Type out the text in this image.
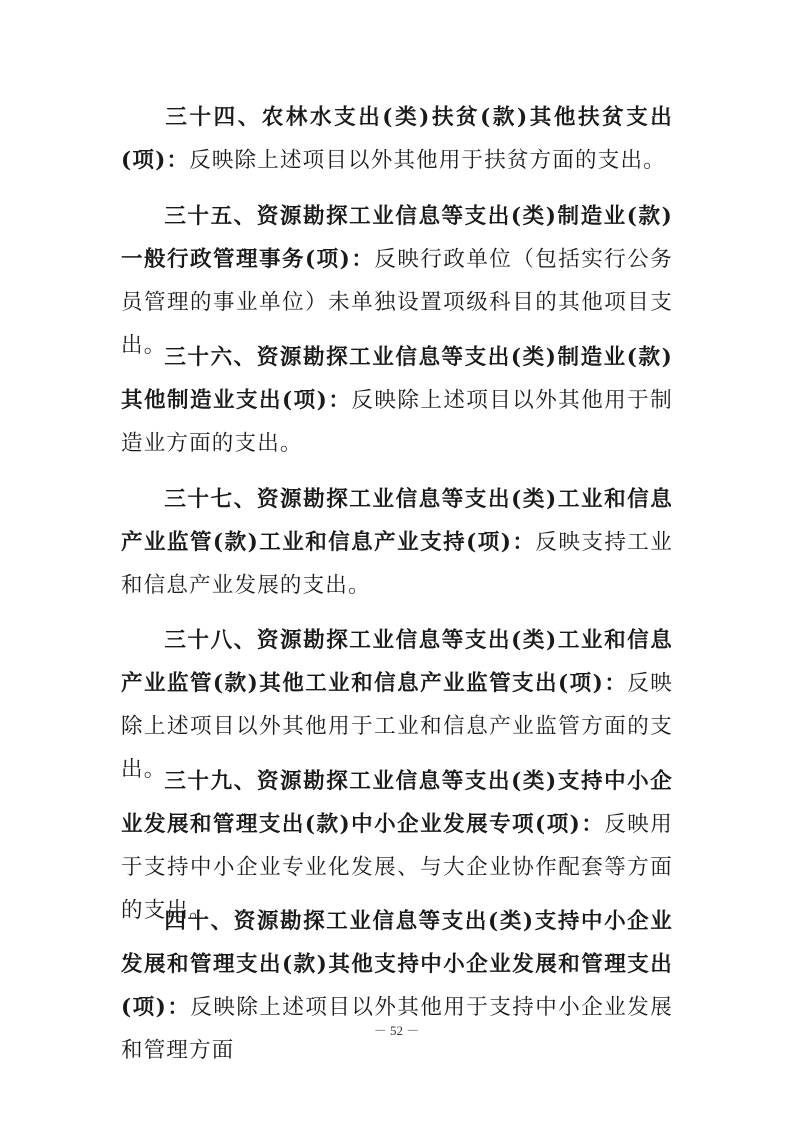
三十四、农林水支出(类)扶贫(款)其他扶贫支出(项)：反映除上述项目以外其他用于扶贫方面的支出。

三十五、资源勘探工业信息等支出(类)制造业(款)一般行政管理事务(项)：反映行政单位（包括实行公务员管理的事业单位）未单独设置项级科目的其他项目支出。

三十六、资源勘探工业信息等支出(类)制造业(款)其他制造业支出(项)：反映除上述项目以外其他用于制造业方面的支出。

三十七、资源勘探工业信息等支出(类)工业和信息产业监管(款)工业和信息产业支持(项)：反映支持工业和信息产业发展的支出。

三十八、资源勘探工业信息等支出(类)工业和信息产业监管(款)其他工业和信息产业监管支出(项)：反映除上述项目以外其他用于工业和信息产业监管方面的支出。

三十九、资源勘探工业信息等支出(类)支持中小企业发展和管理支出(款)中小企业发展专项(项)：反映用于支持中小企业专业化发展、与大企业协作配套等方面的支出。

四十、资源勘探工业信息等支出(类)支持中小企业发展和管理支出(款)其他支持中小企业发展和管理支出(项)：反映除上述项目以外其他用于支持中小企业发展和管理方面

－ 52 －
